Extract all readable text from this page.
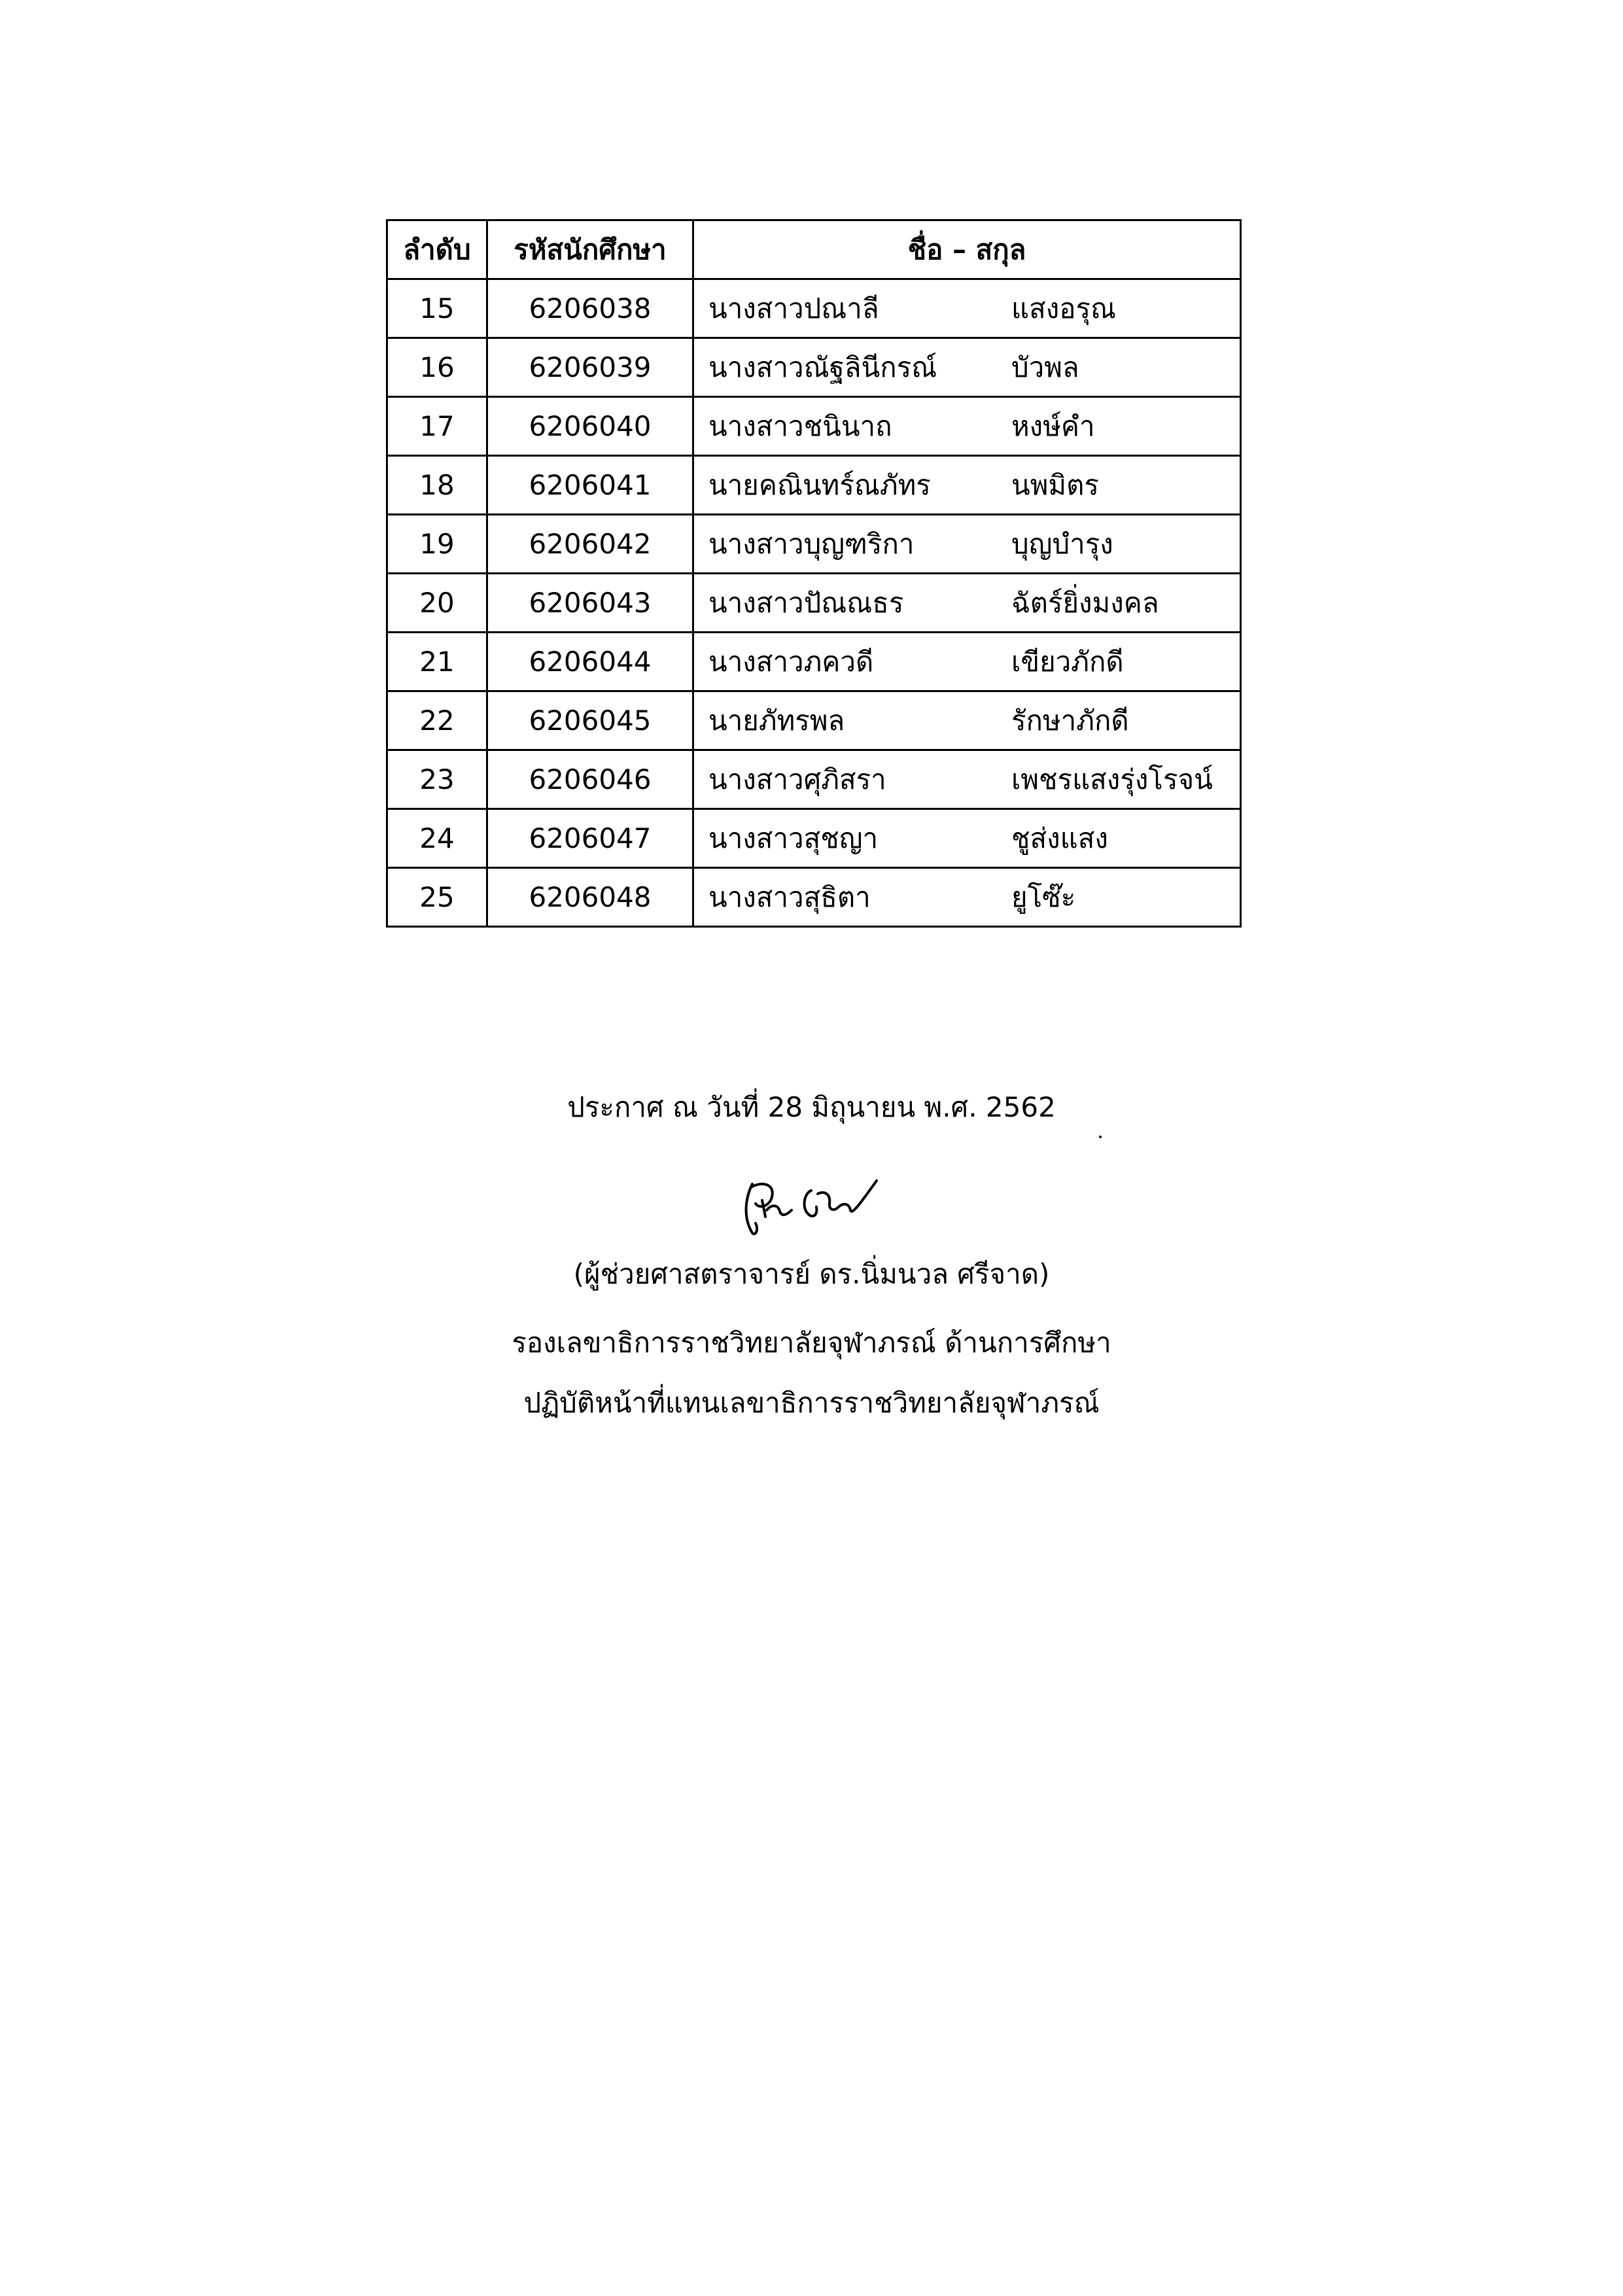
ลำดับ	รหัสนักศึกษา	ชื่อ – สกุล
15	6206038	นางสาวปณาลี แสงอรุณ

16	6206039	นางสาวณัฐลินีกรณ์ บัวพล

17	6206040	นางสาวชนินาถ หงษ์คำ

18	6206041	นายคณินทร์ณภัทร นพมิตร

19	6206042	นางสาวบุญฑริกา บุญบำรุง

20	6206043	นางสาวปัณณธร ฉัตร์ยิ่งมงคล

21	6206044	นางสาวภควดี เขียวภักดี

22	6206045	นายภัทรพล รักษาภักดี

23	6206046	นางสาวศุภิสรา เพชรแสงรุ่งโรจน์

24	6206047	นางสาวสุชญา ชูส่งแสง

25	6206048	นางสาวสุธิตา ยูโซ๊ะ
ประกาศ ณ วันที่ 28 มิถุนายน พ.ศ. 2562
(ผู้ช่วยศาสตราจารย์ ดร.นิ่มนวล ศรีจาด)
รองเลขาธิการราชวิทยาลัยจุฬาภรณ์ ด้านการศึกษา
ปฏิบัติหน้าที่แทนเลขาธิการราชวิทยาลัยจุฬาภรณ์
